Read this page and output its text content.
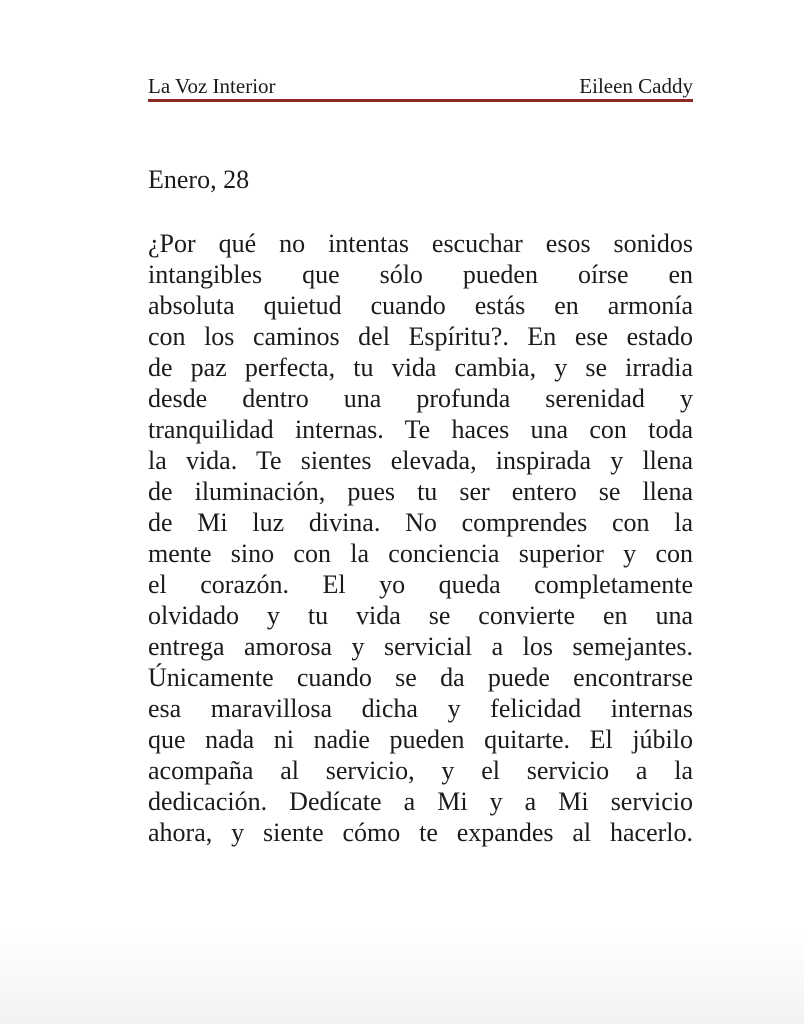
La Voz Interior	Eileen Caddy
Enero, 28
¿Por qué no intentas escuchar esos sonidos
intangibles que sólo pueden oírse en
absoluta quietud cuando estás en armonía
con los caminos del Espíritu?. En ese estado
de paz perfecta, tu vida cambia, y se irradia
desde dentro una profunda serenidad y
tranquilidad internas. Te haces una con toda
la vida. Te sientes elevada, inspirada y llena
de iluminación, pues tu ser entero se llena
de Mi luz divina. No comprendes con la
mente sino con la conciencia superior y con
el corazón. El yo queda completamente
olvidado y tu vida se convierte en una
entrega amorosa y servicial a los semejantes.
Únicamente cuando se da puede encontrarse
esa maravillosa dicha y felicidad internas
que nada ni nadie pueden quitarte. El júbilo
acompaña al servicio, y el servicio a la
dedicación. Dedícate a Mi y a Mi servicio
ahora, y siente cómo te expandes al hacerlo.
